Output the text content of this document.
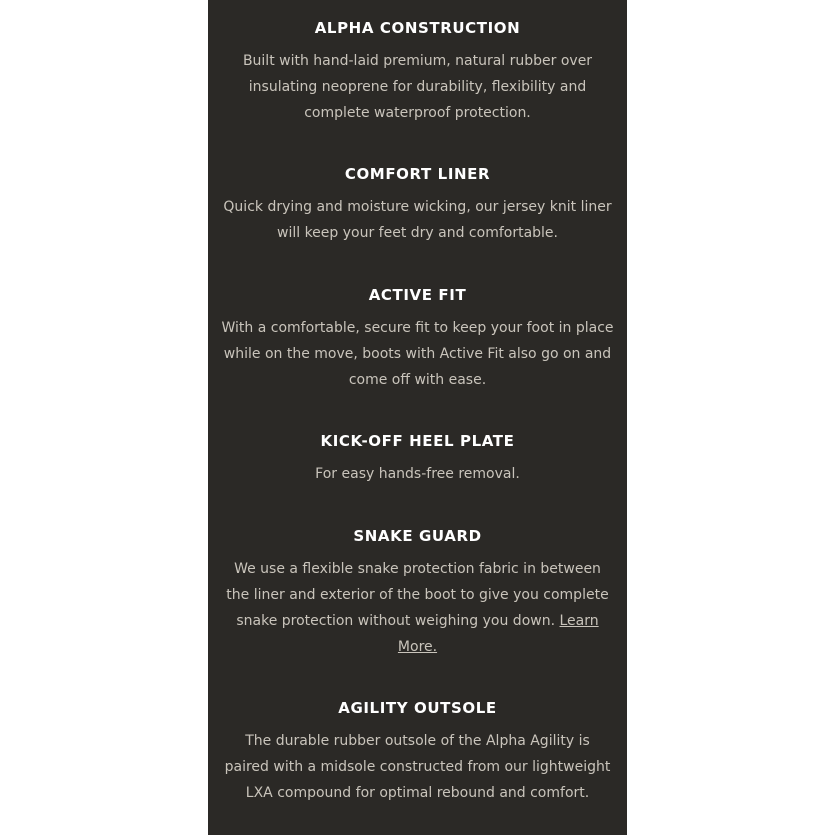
ALPHA CONSTRUCTION

Built with hand-laid premium, natural rubber over insulating neoprene for durability, flexibility and complete waterproof protection.

COMFORT LINER

Quick drying and moisture wicking, our jersey knit liner will keep your feet dry and comfortable.

ACTIVE FIT

With a comfortable, secure fit to keep your foot in place while on the move, boots with Active Fit also go on and come off with ease.

KICK-OFF HEEL PLATE

For easy hands-free removal.

SNAKE GUARD

We use a flexible snake protection fabric in between the liner and exterior of the boot to give you complete snake protection without weighing you down. Learn More.

AGILITY OUTSOLE

The durable rubber outsole of the Alpha Agility is paired with a midsole constructed from our lightweight LXA compound for optimal rebound and comfort.
